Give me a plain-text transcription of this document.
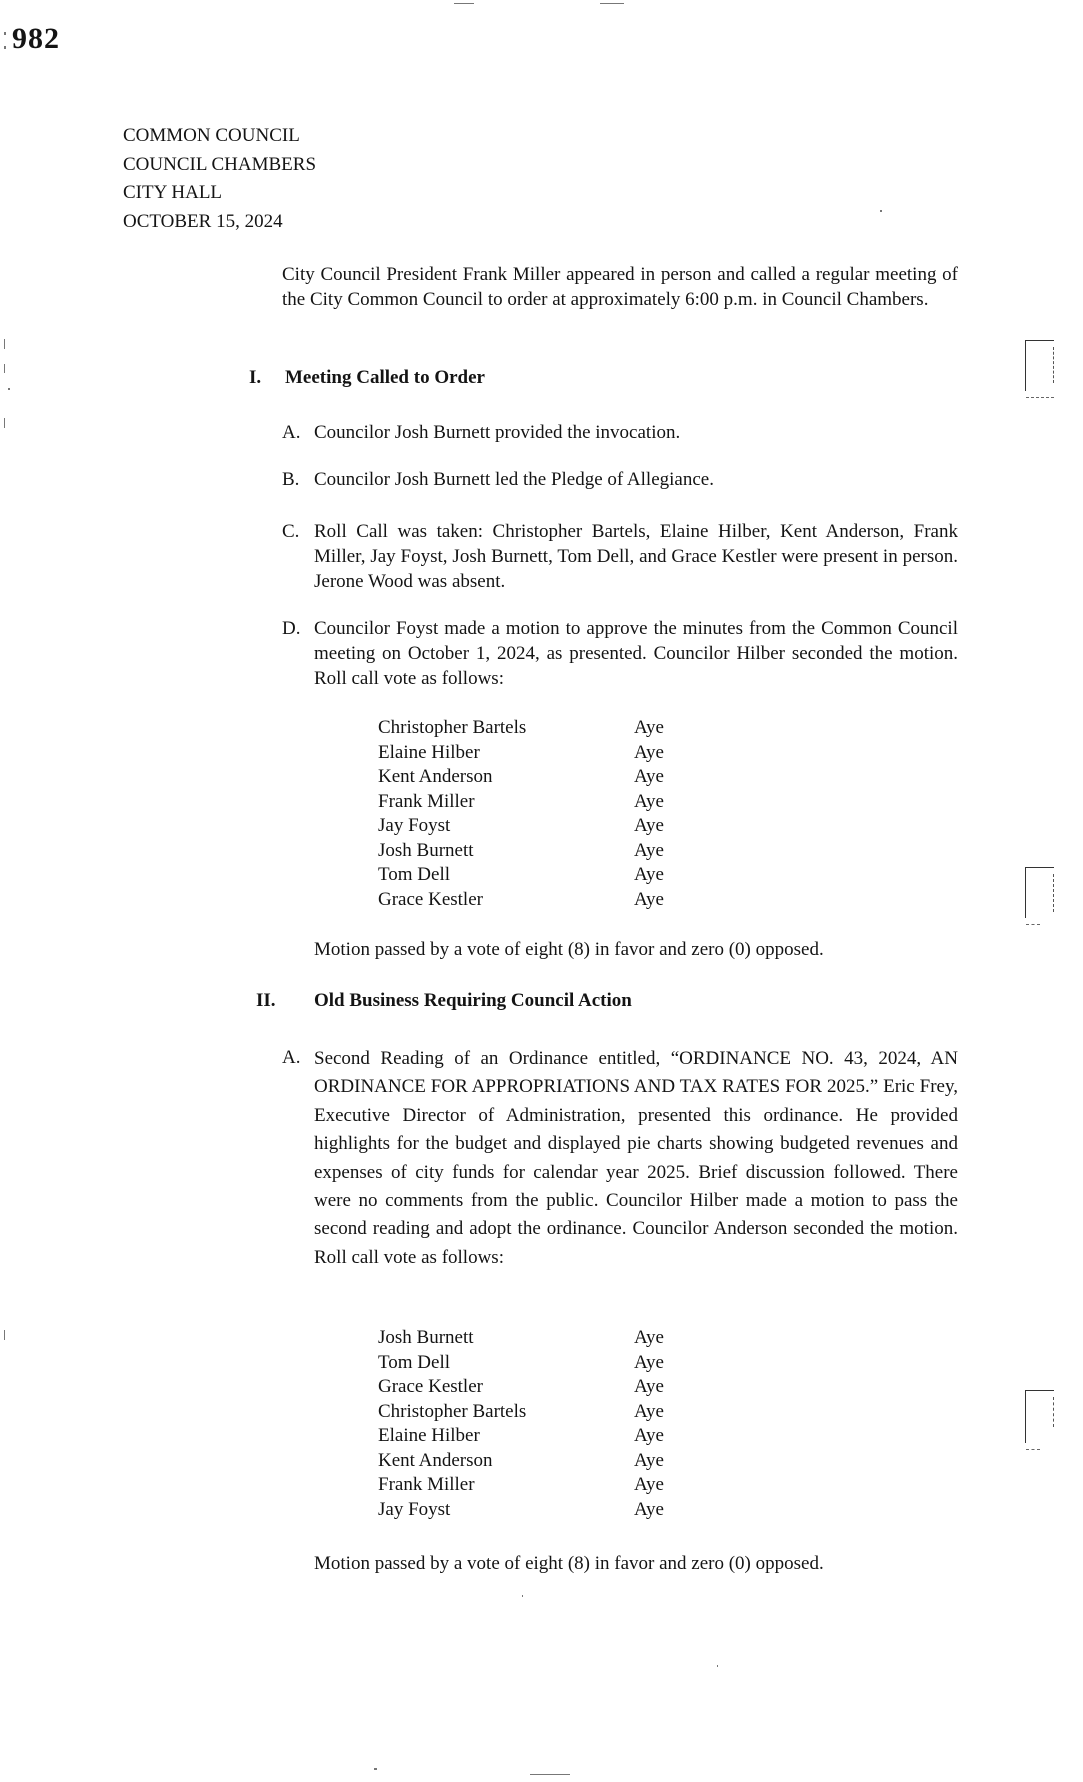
982
COMMON COUNCIL
COUNCIL CHAMBERS
CITY HALL
OCTOBER 15, 2024
City Council President Frank Miller appeared in person and called a regular meeting of the City Common Council to order at approximately 6:00 p.m. in Council Chambers.
I. Meeting Called to Order
A. Councilor Josh Burnett provided the invocation.
B. Councilor Josh Burnett led the Pledge of Allegiance.
C. Roll Call was taken: Christopher Bartels, Elaine Hilber, Kent Anderson, Frank Miller, Jay Foyst, Josh Burnett, Tom Dell, and Grace Kestler were present in person. Jerone Wood was absent.
D. Councilor Foyst made a motion to approve the minutes from the Common Council meeting on October 1, 2024, as presented. Councilor Hilber seconded the motion. Roll call vote as follows:
Christopher Bartels	Aye
Elaine Hilber	Aye
Kent Anderson	Aye
Frank Miller	Aye
Jay Foyst	Aye
Josh Burnett	Aye
Tom Dell	Aye
Grace Kestler	Aye
Motion passed by a vote of eight (8) in favor and zero (0) opposed.
II. Old Business Requiring Council Action
A. Second Reading of an Ordinance entitled, “ORDINANCE NO. 43, 2024, AN ORDINANCE FOR APPROPRIATIONS AND TAX RATES FOR 2025.” Eric Frey, Executive Director of Administration, presented this ordinance. He provided highlights for the budget and displayed pie charts showing budgeted revenues and expenses of city funds for calendar year 2025. Brief discussion followed. There were no comments from the public. Councilor Hilber made a motion to pass the second reading and adopt the ordinance. Councilor Anderson seconded the motion. Roll call vote as follows:
Josh Burnett	Aye
Tom Dell	Aye
Grace Kestler	Aye
Christopher Bartels	Aye
Elaine Hilber	Aye
Kent Anderson	Aye
Frank Miller	Aye
Jay Foyst	Aye
Motion passed by a vote of eight (8) in favor and zero (0) opposed.
